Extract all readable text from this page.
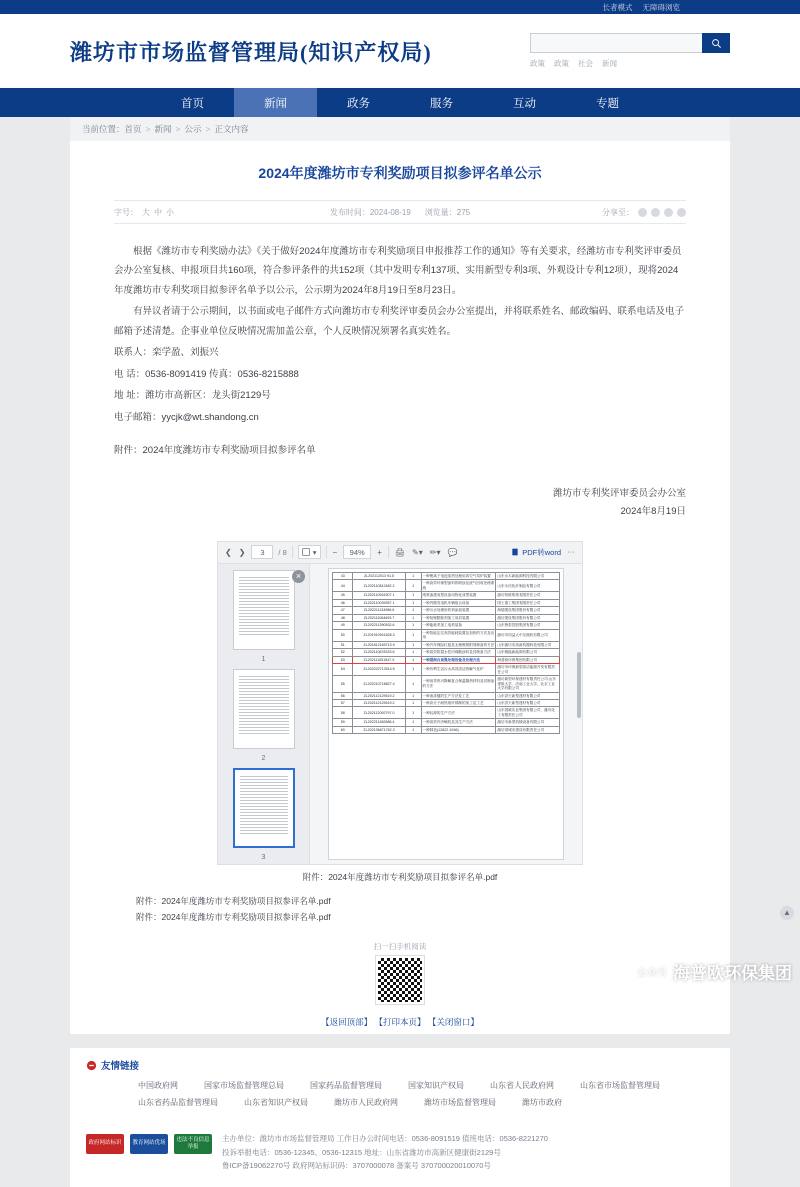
长者模式 无障碍浏览
潍坊市市场监督管理局(知识产权局)	政策 政策 社会 新闻
首页	新闻	政务	服务	互动	专题
当前位置： 首页 > 新闻 > 公示 > 正文内容
2024年度潍坊市专利奖励项目拟参评名单公示
字号： 大 中 小	发布时间：2024-08-19 浏览量：275	分享至：

根据《潍坊市专利奖励办法》《关于做好2024年度潍坊市专利奖励项目申报推荐工作的通知》等有关要求，经潍坊市专利奖评审委员会办公室复核、申报项目共160项，符合参评条件的共152项（其中发明专利137项、实用新型专利3项、外观设计专利12项），现将2024年度潍坊市专利奖项目拟参评名单予以公示，公示期为2024年8月19日至8月23日。

有异议者请于公示期间，以书面或电子邮件方式向潍坊市专利奖评审委员会办公室提出，并将联系姓名、邮政编码、联系电话及电子邮箱予述清楚。企事业单位反映情况需加盖公章，个人反映情况须署名真实姓名。

联系人：栾学盈、刘振兴

电 话：0536-8091419 传真：0536-8215888

地 址：潍坊市高新区：龙头街2129号

电子邮箱：yycjk@wt.shandong.cn

附件：2024年度潍坊市专利奖励项目拟参评名单

潍坊市专利奖评审委员会办公室
2024年8月19日
❮ ❯	3	/ 8	▾ −	94%	+ 🖨 ✎▾ ✏▾ 💬	PDF转word ⋯
×
1
2
3
43	ZL202112013 91.5	1	一种锂离子电池加热处理用真空气氛炉装置	山东水木新能源科技有限公司
44	ZL202110812482.2	1	一种高效环保型涂料的喷涂及废气回收处理系统	山东永信化纤制品有限公司
45	ZL202110916307.1	1	纸浆渗透成型设备用物化成型装置	潍坊恒联浆纸有限责任公司
46	ZL202110039357.1	1	一种内燃发电机车辆组合设备	国土重工集团有限责任公司
47	ZL202211134986.6	1	一种污水处理用药剂添加装置	海德建设集团股份有限公司
48	ZL202111064693.7	1	一种铝锂膨胀剂加工用封装置	潍坊建设集团股份有限公司
49	ZL202211390532.6	1	一种能耗采加工电机装备	山东鲁泰控股集团有限公司
50	ZL201910941628.3	1	一种智能定位高效能耗装置及加热的方法及应用	潍坊市同益大中压缩机有限公司
51	ZL201812169713.9	1	一种汽车保险杠板及无理维吸附剂制备的方法	山东潍坊市高新机器科技有限公司
52	ZL202110878333.8	1	一种高效防腐水性丙烯酸涂料及其制备方法	山东雅能新能源有限公司
53	ZL202111051547.X	1	一种超细白炭黑处理设备及处理方法	海普欧环保集团有限公司
54	ZL202222712514.5	1	一种有利生活污水高效清洁热解气化炉	潍坊市环保新型清洁能源开发有限责任公司
55	ZL202210718827.4	1	一种低导热可降解复合保温隔热材料及其制备的方法	潍坊新型环保建材有限责任公司,山东建筑大学、济南工业大学，北京工业大学有限公司
56	ZL202112129519.2	1	一种油漆键的生产方法及工艺	山东洪天新型建材有限公司
57	ZL202112129519.2	1	一种高分子耐热玻纤棉制的加工及工艺	山东洪天新型建材有限公司
58	ZL202112092797.0	1	一种轻薄的生产方法	山东国威实业集团有限公司，潍坊化工有限责任公司
59	ZL202211482686.4	1	一种高效内冷蜗机及其生产方法	潍坊市新型机械设备有限公司
60	ZL202136671762.3	1	一种制造(12822.1X66)	潍坊省城市建设有限责任公司
附件：2024年度潍坊市专利奖励项目拟参评名单.pdf
附件：2024年度潍坊市专利奖励项目拟参评名单.pdf
附件：2024年度潍坊市专利奖励项目拟参评名单.pdf
扫一扫手机阅读
【返回顶部】 【打印本页】 【关闭窗口】
友情链接
中国政府网	国家市场监督管理总局	国家药品监督管理局	国家知识产权局	山东省人民政府网	山东省市场监督管理局
山东省药品监督管理局	山东省知识产权局	潍坊市人民政府网	潍坊市场监督管理局	潍坊市政府
政府网站标识	教育网站优场
违法不良信息举报
主办单位：潍坊市市场监督管理局 工作日办公时间电话：0536-8091519 值班电话：0536-8221270
投诉举报电话：0536-12345、0536-12315 地址：山东省潍坊市高新区健康街2129号
鲁ICP备19062270号 政府网站标识码：3707000078 备案号 370700020010070号
▲
公众号 海普欧环保集团
